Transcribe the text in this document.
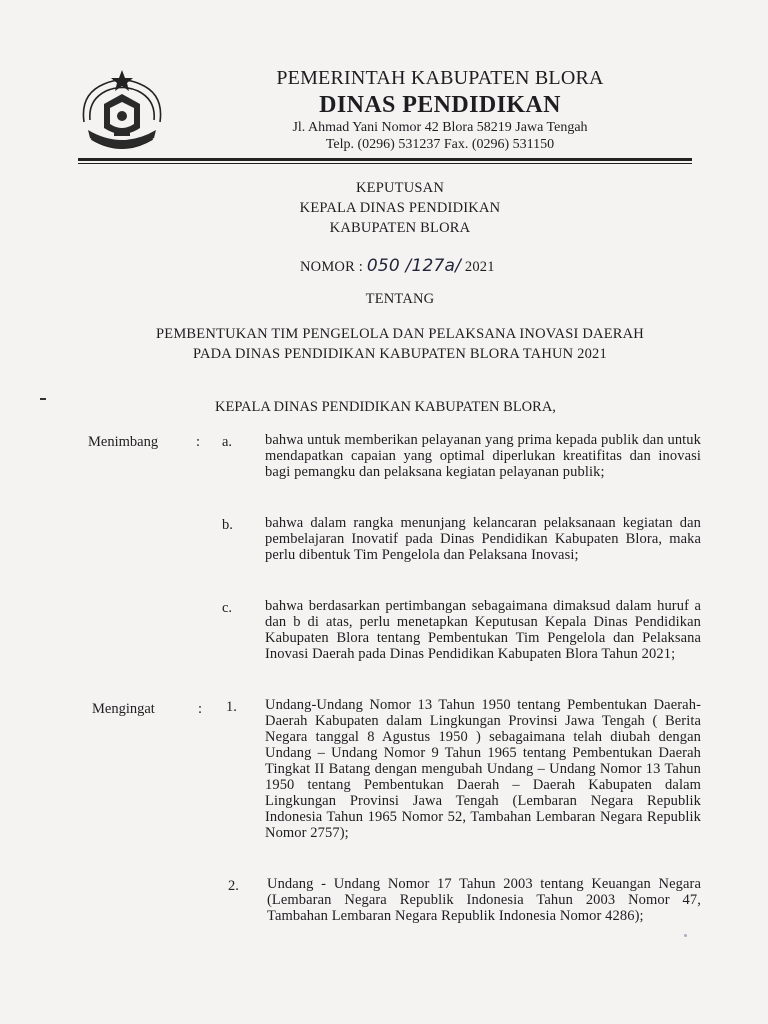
PEMERINTAH KABUPATEN BLORA
DINAS PENDIDIKAN
Jl. Ahmad Yani Nomor 42 Blora 58219 Jawa Tengah
Telp. (0296) 531237 Fax. (0296) 531150
KEPUTUSAN
KEPALA DINAS PENDIDIKAN
KABUPATEN BLORA
NOMOR : 050 /127a/ 2021
TENTANG
PEMBENTUKAN TIM PENGELOLA DAN PELAKSANA INOVASI DAERAH
PADA DINAS PENDIDIKAN KABUPATEN BLORA TAHUN 2021
KEPALA DINAS PENDIDIKAN KABUPATEN BLORA,
Menimbang	: a. bahwa untuk memberikan pelayanan yang prima kepada publik dan untuk mendapatkan capaian yang optimal diperlukan kreatifitas dan inovasi bagi pemangku dan pelaksana kegiatan pelayanan publik;
b. bahwa dalam rangka menunjang kelancaran pelaksanaan kegiatan dan pembelajaran Inovatif pada Dinas Pendidikan Kabupaten Blora, maka perlu dibentuk Tim Pengelola dan Pelaksana Inovasi;
c. bahwa berdasarkan pertimbangan sebagaimana dimaksud dalam huruf a dan b di atas, perlu menetapkan Keputusan Kepala Dinas Pendidikan Kabupaten Blora tentang Pembentukan Tim Pengelola dan Pelaksana Inovasi Daerah pada Dinas Pendidikan Kabupaten Blora Tahun 2021;
Mengingat	: 1. Undang-Undang Nomor 13 Tahun 1950 tentang Pembentukan Daerah-Daerah Kabupaten dalam Lingkungan Provinsi Jawa Tengah ( Berita Negara tanggal 8 Agustus 1950 ) sebagaimana telah diubah dengan Undang – Undang Nomor 9 Tahun 1965 tentang Pembentukan Daerah Tingkat II Batang dengan mengubah Undang – Undang Nomor 13 Tahun 1950 tentang Pembentukan Daerah – Daerah Kabupaten dalam Lingkungan Provinsi Jawa Tengah (Lembaran Negara Republik Indonesia Tahun 1965 Nomor 52, Tambahan Lembaran Negara Republik Nomor 2757);
2. Undang - Undang Nomor 17 Tahun 2003 tentang Keuangan Negara (Lembaran Negara Republik Indonesia Tahun 2003 Nomor 47, Tambahan Lembaran Negara Republik Indonesia Nomor 4286);
